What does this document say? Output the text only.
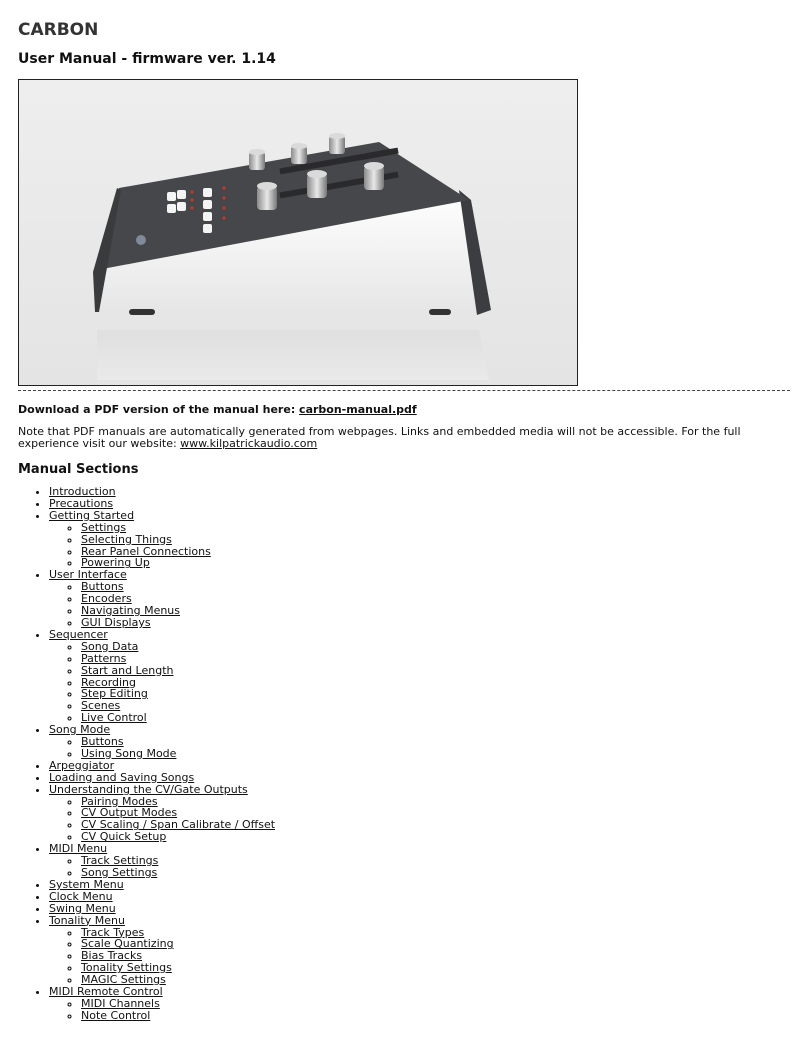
CARBON
User Manual - firmware ver. 1.14
Download a PDF version of the manual here: carbon-manual.pdf
Note that PDF manuals are automatically generated from webpages. Links and embedded media will not be accessible. For the full experience visit our website: www.kilpatrickaudio.com
Manual Sections
• Introduction
• Precautions
• Getting Started
◦ Settings
◦ Selecting Things
◦ Rear Panel Connections
◦ Powering Up
• User Interface
◦ Buttons
◦ Encoders
◦ Navigating Menus
◦ GUI Displays
• Sequencer
◦ Song Data
◦ Patterns
◦ Start and Length
◦ Recording
◦ Step Editing
◦ Scenes
◦ Live Control
• Song Mode
◦ Buttons
◦ Using Song Mode
• Arpeggiator
• Loading and Saving Songs
• Understanding the CV/Gate Outputs
◦ Pairing Modes
◦ CV Output Modes
◦ CV Scaling / Span Calibrate / Offset
◦ CV Quick Setup
• MIDI Menu
◦ Track Settings
◦ Song Settings
• System Menu
• Clock Menu
• Swing Menu
• Tonality Menu
◦ Track Types
◦ Scale Quantizing
◦ Bias Tracks
◦ Tonality Settings
◦ MAGIC Settings
• MIDI Remote Control
◦ MIDI Channels
◦ Note Control
